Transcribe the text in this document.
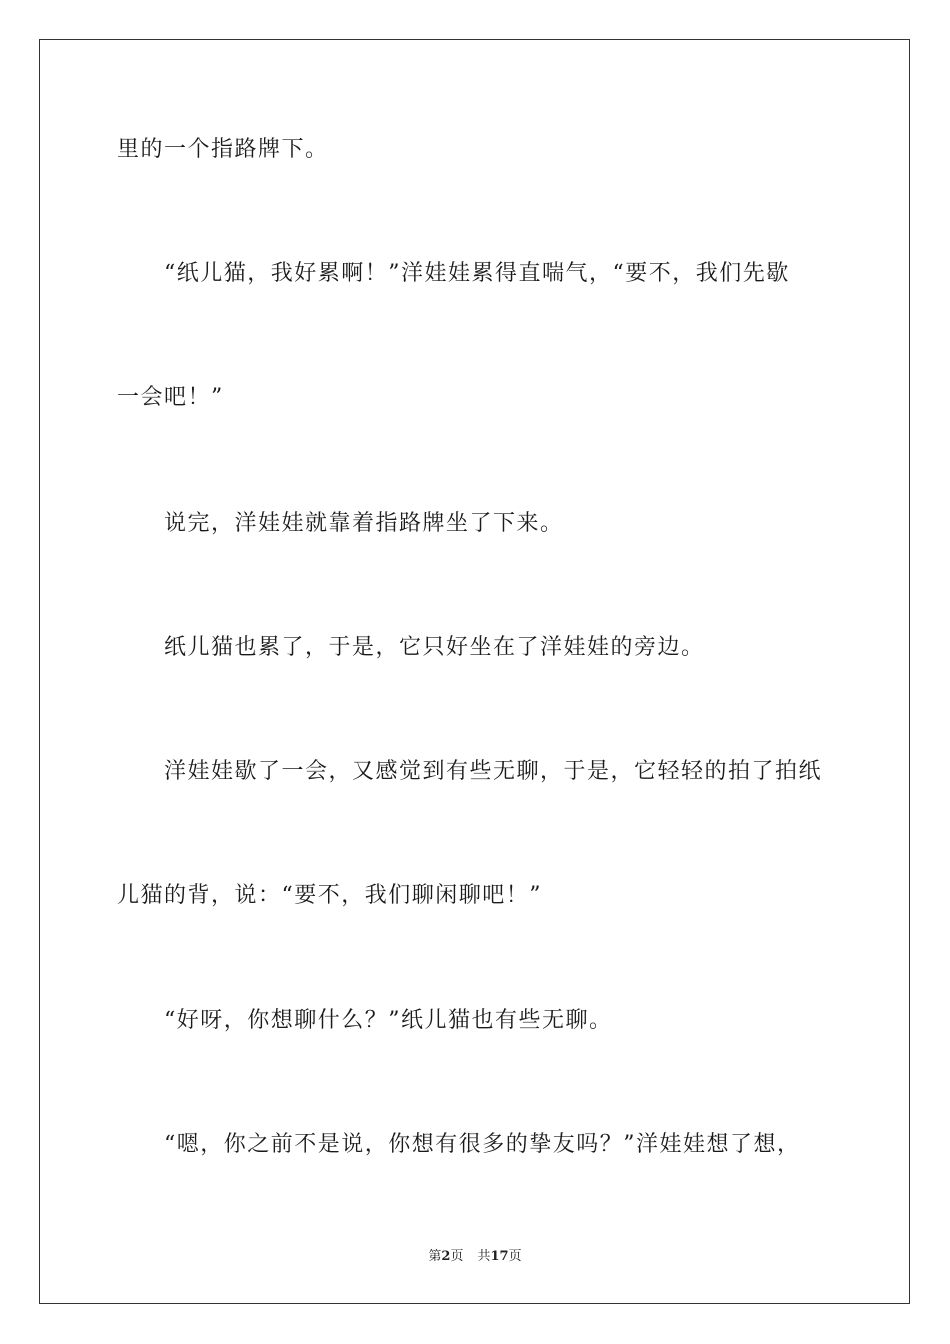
里的一个指路牌下。
　　“纸儿猫，我好累啊！”洋娃娃累得直喘气，“要不，我们先歇
一会吧！”
　　说完，洋娃娃就靠着指路牌坐了下来。
　　纸儿猫也累了，于是，它只好坐在了洋娃娃的旁边。
　　洋娃娃歇了一会，又感觉到有些无聊，于是，它轻轻的拍了拍纸
儿猫的背，说：“要不，我们聊闲聊吧！”
　　“好呀，你想聊什么？”纸儿猫也有些无聊。
　　“嗯，你之前不是说，你想有很多的挚友吗？”洋娃娃想了想，
第2页 共17页
